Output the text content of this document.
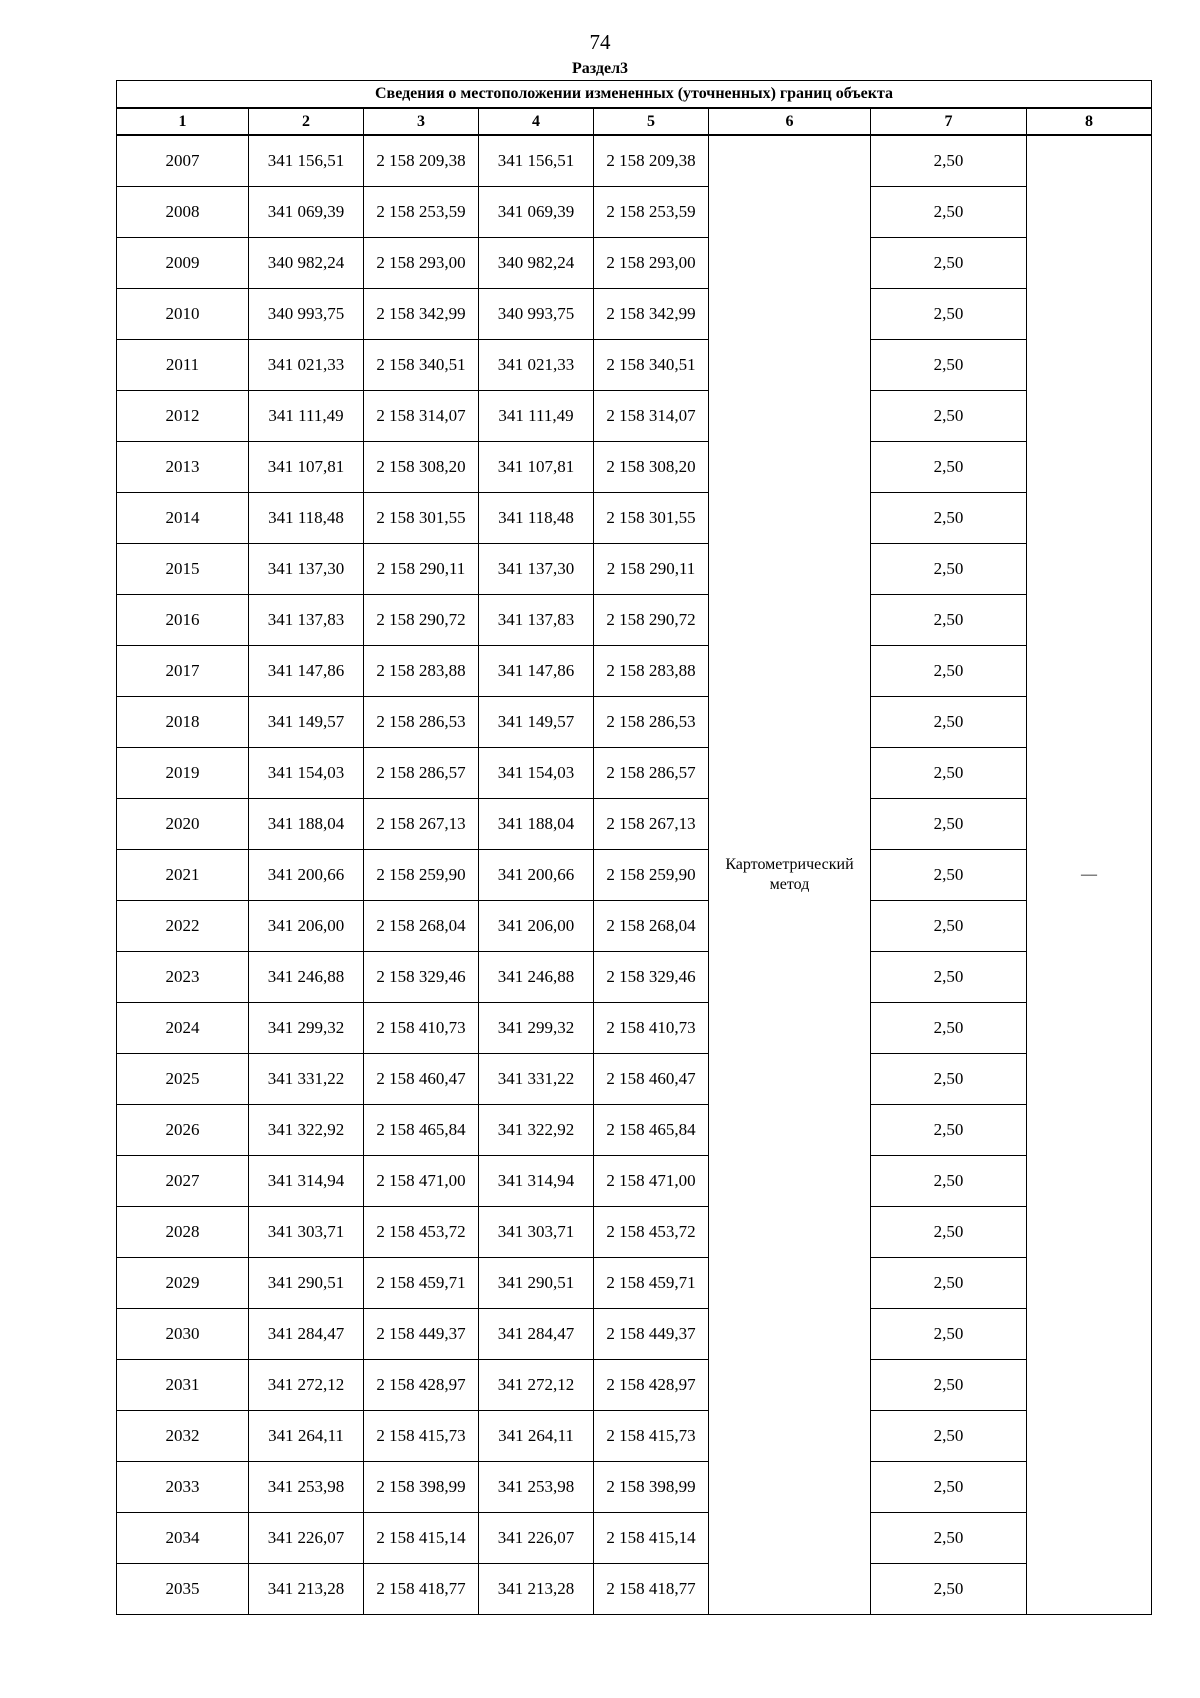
74
Раздел3
Сведения о местоположении измененных (уточненных) границ объекта							
1	2	3	4	5	6	7	8
2007	341 156,51	2 158 209,38	341 156,51	2 158 209,38	Картометрический метод	2,50	—
2008	341 069,39	2 158 253,59	341 069,39	2 158 253,59		2,50	
2009	340 982,24	2 158 293,00	340 982,24	2 158 293,00		2,50	
2010	340 993,75	2 158 342,99	340 993,75	2 158 342,99		2,50	
2011	341 021,33	2 158 340,51	341 021,33	2 158 340,51		2,50	
2012	341 111,49	2 158 314,07	341 111,49	2 158 314,07		2,50	
2013	341 107,81	2 158 308,20	341 107,81	2 158 308,20		2,50	
2014	341 118,48	2 158 301,55	341 118,48	2 158 301,55		2,50	
2015	341 137,30	2 158 290,11	341 137,30	2 158 290,11		2,50	
2016	341 137,83	2 158 290,72	341 137,83	2 158 290,72		2,50	
2017	341 147,86	2 158 283,88	341 147,86	2 158 283,88		2,50	
2018	341 149,57	2 158 286,53	341 149,57	2 158 286,53		2,50	
2019	341 154,03	2 158 286,57	341 154,03	2 158 286,57		2,50	
2020	341 188,04	2 158 267,13	341 188,04	2 158 267,13		2,50	
2021	341 200,66	2 158 259,90	341 200,66	2 158 259,90		2,50	
2022	341 206,00	2 158 268,04	341 206,00	2 158 268,04		2,50	
2023	341 246,88	2 158 329,46	341 246,88	2 158 329,46		2,50	
2024	341 299,32	2 158 410,73	341 299,32	2 158 410,73		2,50	
2025	341 331,22	2 158 460,47	341 331,22	2 158 460,47		2,50	
2026	341 322,92	2 158 465,84	341 322,92	2 158 465,84		2,50	
2027	341 314,94	2 158 471,00	341 314,94	2 158 471,00		2,50	
2028	341 303,71	2 158 453,72	341 303,71	2 158 453,72		2,50	
2029	341 290,51	2 158 459,71	341 290,51	2 158 459,71		2,50	
2030	341 284,47	2 158 449,37	341 284,47	2 158 449,37		2,50	
2031	341 272,12	2 158 428,97	341 272,12	2 158 428,97		2,50	
2032	341 264,11	2 158 415,73	341 264,11	2 158 415,73		2,50	
2033	341 253,98	2 158 398,99	341 253,98	2 158 398,99		2,50	
2034	341 226,07	2 158 415,14	341 226,07	2 158 415,14		2,50	
2035	341 213,28	2 158 418,77	341 213,28	2 158 418,77		2,50	
